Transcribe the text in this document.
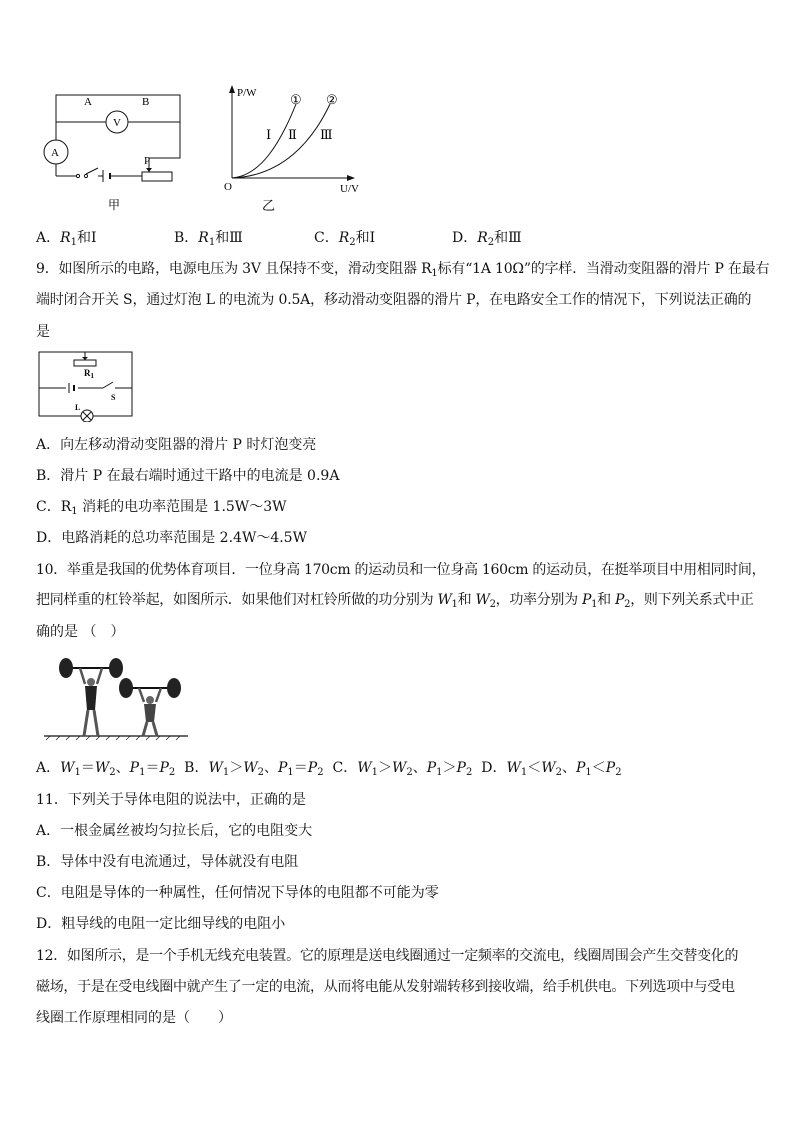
A	B
V
A
P
甲
P/W
U/V
O
① ②
Ⅰ Ⅱ Ⅲ
乙
A．$R_1$和Ⅰ	B．$R_1$和Ⅲ	C．$R_2$和Ⅰ	D．$R_2$和Ⅲ
9．如图所示的电路，电源电压为 3V 且保持不变，滑动变阻器 $R_1$标有“1A 10Ω”的字样．当滑动变阻器的滑片 P 在最右
端时闭合开关 S，通过灯泡 L 的电流为 0.5A，移动滑动变阻器的滑片 P，在电路安全工作的情况下，下列说法正确的
是
$R_1$
S
L
A．向左移动滑动变阻器的滑片 P 时灯泡变亮
B．滑片 P 在最右端时通过干路中的电流是 0.9A
C．$R_1$ 消耗的电功率范围是 1.5W～3W
D．电路消耗的总功率范围是 2.4W～4.5W
10．举重是我国的优势体育项目．一位身高 170cm 的运动员和一位身高 160cm 的运动员，在挺举项目中用相同时间，
把同样重的杠铃举起，如图所示．如果他们对杠铃所做的功分别为 $W_1$和 $W_2$，功率分别为 $P_1$和 $P_2$，则下列关系式中正
确的是 （　）
A．$W_1=W_2$、$P_1=P_2$ B．$W_1>W_2$、$P_1=P_2$ C．$W_1>W_2$、$P_1>P_2$ D．$W_1<W_2$、$P_1<P_2$
11．下列关于导体电阻的说法中，正确的是
A．一根金属丝被均匀拉长后，它的电阻变大
B．导体中没有电流通过，导体就没有电阻
C．电阻是导体的一种属性，任何情况下导体的电阻都不可能为零
D．粗导线的电阻一定比细导线的电阻小
12．如图所示，是一个手机无线充电装置。它的原理是送电线圈通过一定频率的交流电，线圈周围会产生交替变化的
磁场，于是在受电线圈中就产生了一定的电流，从而将电能从发射端转移到接收端，给手机供电。下列选项中与受电
线圈工作原理相同的是（　　）
